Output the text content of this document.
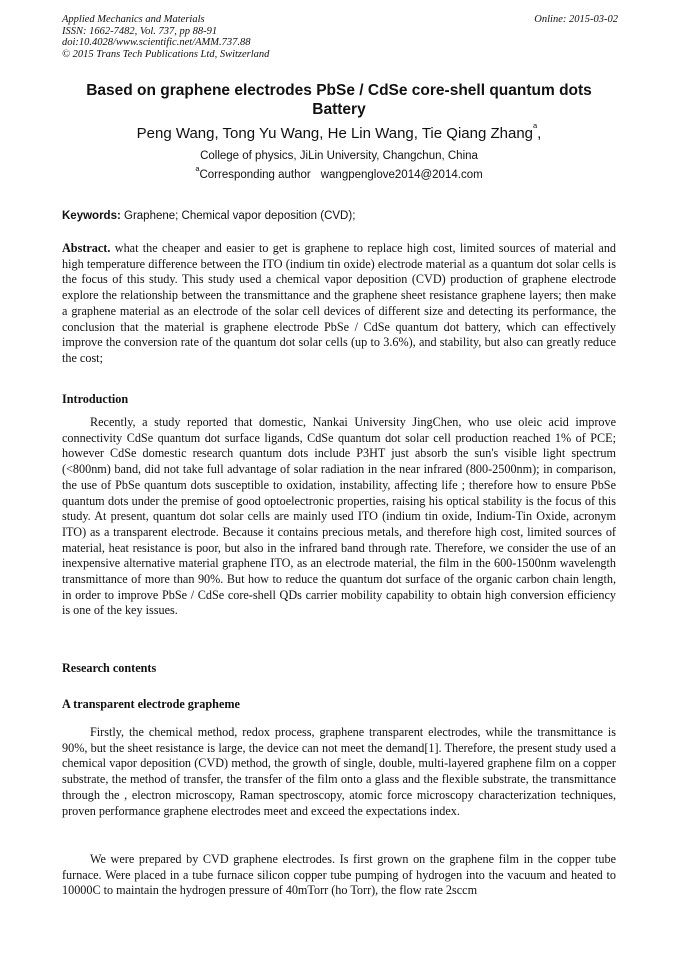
Applied Mechanics and Materials
ISSN: 1662-7482, Vol. 737, pp 88-91
doi:10.4028/www.scientific.net/AMM.737.88
© 2015 Trans Tech Publications Ltd, Switzerland
Online: 2015-03-02
Based on graphene electrodes PbSe / CdSe core-shell quantum dots Battery
Peng Wang, Tong Yu Wang, He Lin Wang, Tie Qiang Zhang$^a$,
College of physics, JiLin University, Changchun, China
$^a$Corresponding author wangpenglove2014@2014.com
Keywords: Graphene; Chemical vapor deposition (CVD);
Abstract. what the cheaper and easier to get is graphene to replace high cost, limited sources of material and high temperature difference between the ITO (indium tin oxide) electrode material as a quantum dot solar cells is the focus of this study. This study used a chemical vapor deposition (CVD) production of graphene electrode explore the relationship between the transmittance and the graphene sheet resistance graphene layers; then make a graphene material as an electrode of the solar cell devices of different size and detecting its performance, the conclusion that the material is graphene electrode PbSe / CdSe quantum dot battery, which can effectively improve the conversion rate of the quantum dot solar cells (up to 3.6%), and stability, but also can greatly reduce the cost;
Introduction
Recently, a study reported that domestic, Nankai University JingChen, who use oleic acid improve connectivity CdSe quantum dot surface ligands, CdSe quantum dot solar cell production reached 1% of PCE; however CdSe domestic research quantum dots include P3HT just absorb the sun's visible light spectrum (<800nm) band, did not take full advantage of solar radiation in the near infrared (800-2500nm); in comparison, the use of PbSe quantum dots susceptible to oxidation, instability, affecting life ; therefore how to ensure PbSe quantum dots under the premise of good optoelectronic properties, raising his optical stability is the focus of this study. At present, quantum dot solar cells are mainly used ITO (indium tin oxide, Indium-Tin Oxide, acronym ITO) as a transparent electrode. Because it contains precious metals, and therefore high cost, limited sources of material, heat resistance is poor, but also in the infrared band through rate. Therefore, we consider the use of an inexpensive alternative material graphene ITO, as an electrode material, the film in the 600-1500nm wavelength transmittance of more than 90%. But how to reduce the quantum dot surface of the organic carbon chain length, in order to improve PbSe / CdSe core-shell QDs carrier mobility capability to obtain high conversion efficiency is one of the key issues.
Research contents
A transparent electrode grapheme
Firstly, the chemical method, redox process, graphene transparent electrodes, while the transmittance is 90%, but the sheet resistance is large, the device can not meet the demand[1]. Therefore, the present study used a chemical vapor deposition (CVD) method, the growth of single, double, multi-layered graphene film on a copper substrate, the method of transfer, the transfer of the film onto a glass and the flexible substrate, the transmittance through the , electron microscopy, Raman spectroscopy, atomic force microscopy characterization techniques, proven performance graphene electrodes meet and exceed the expectations index.
We were prepared by CVD graphene electrodes. Is first grown on the graphene film in the copper tube furnace. Were placed in a tube furnace silicon copper tube pumping of hydrogen into the vacuum and heated to 10000C to maintain the hydrogen pressure of 40mTorr (ho Torr), the flow rate 2sccm
